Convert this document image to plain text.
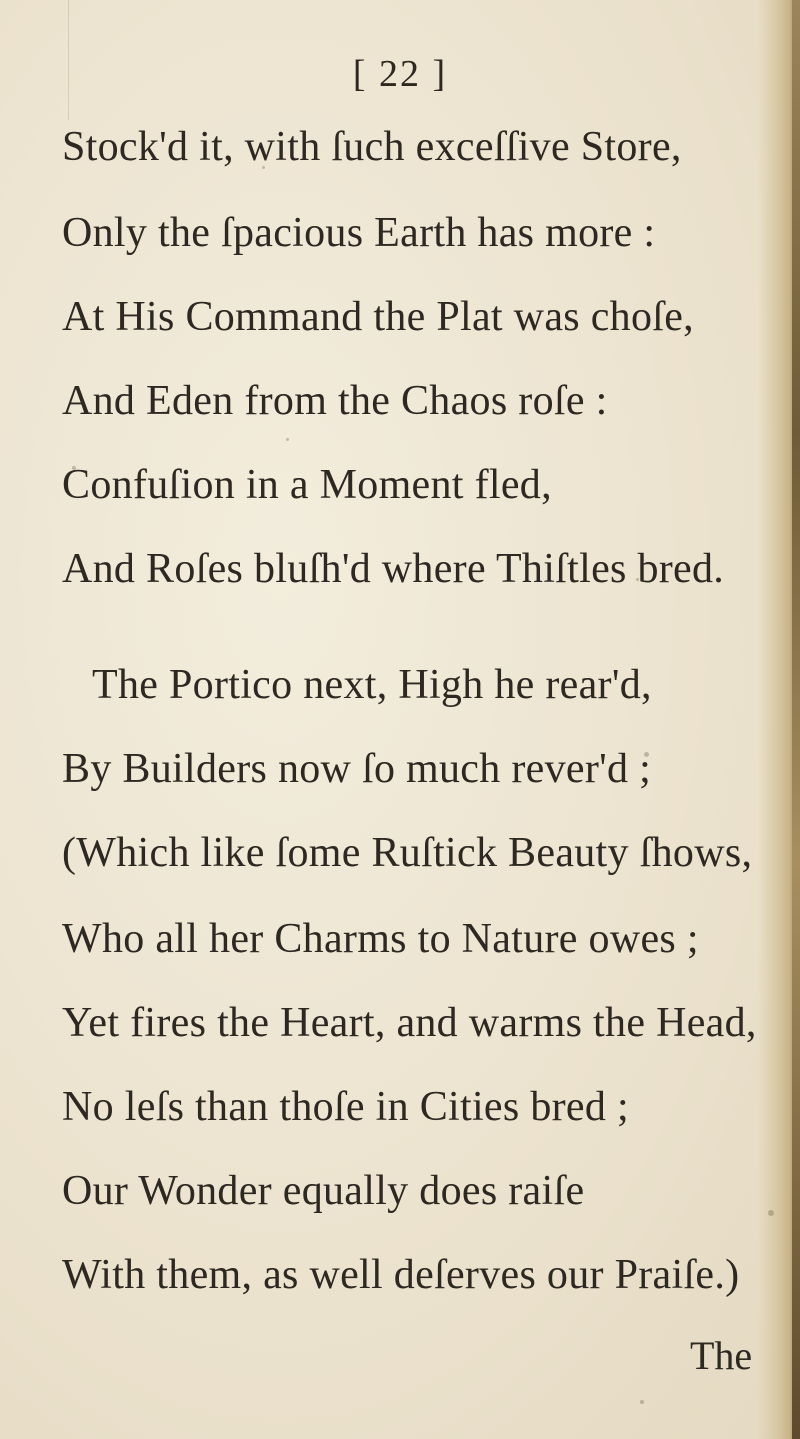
[ 22 ]
Stock'd it, with ſuch exceſſive Store,
Only the ſpacious Earth has more :
At His Command the Plat was choſe,
And Eden from the Chaos roſe :
Confuſion in a Moment fled,
And Roſes bluſh'd where Thiſtles bred.
The Portico next, High he rear'd,
By Builders now ſo much rever'd ;
(Which like ſome Ruſtick Beauty ſhows,
Who all her Charms to Nature owes ;
Yet fires the Heart, and warms the Head,
No leſs than thoſe in Cities bred ;
Our Wonder equally does raiſe
With them, as well deſerves our Praiſe.)
The
